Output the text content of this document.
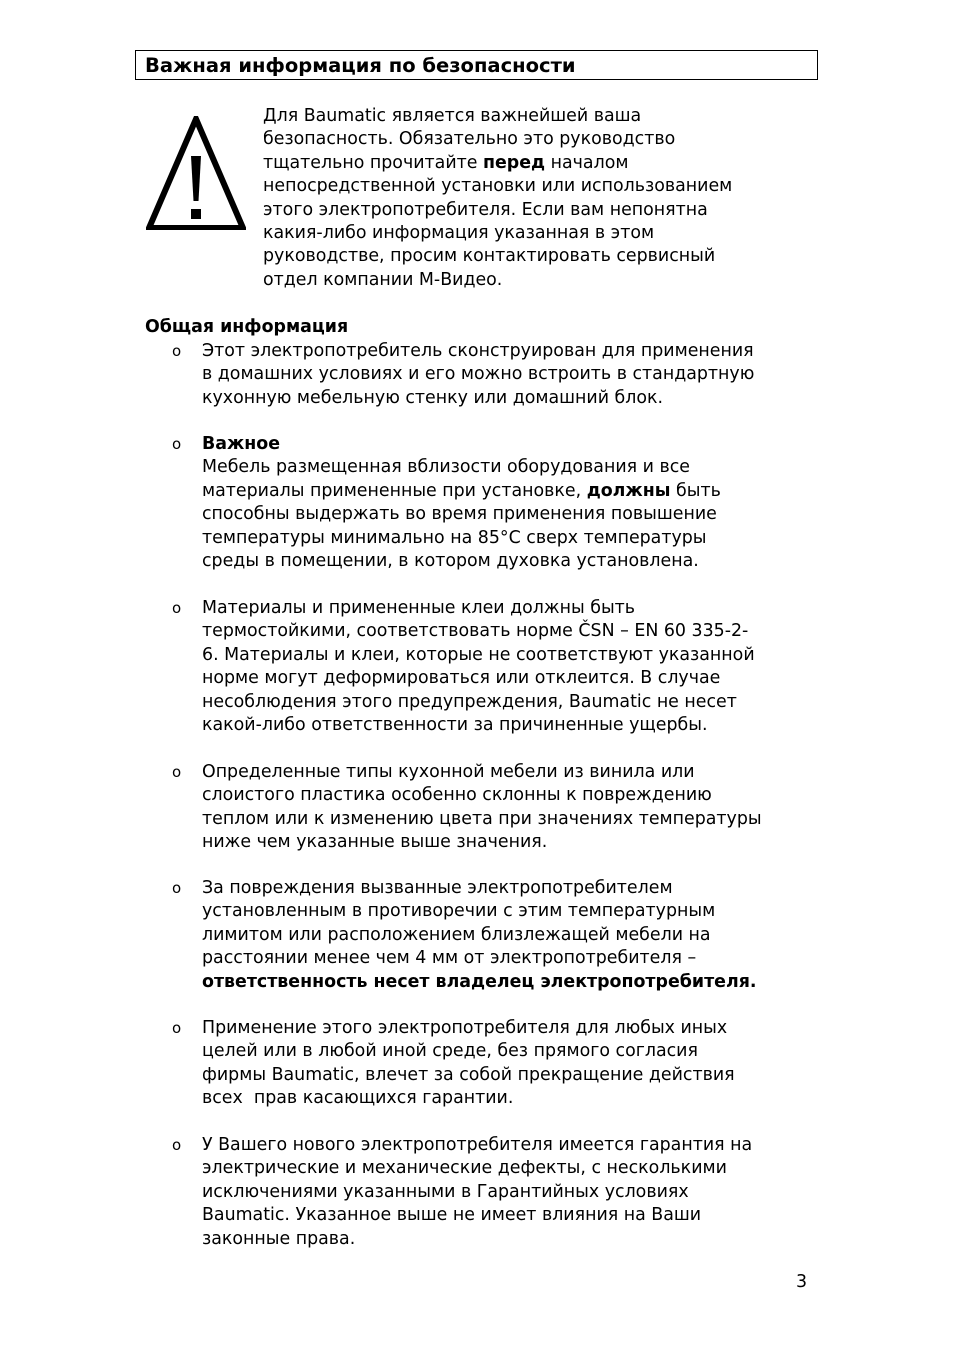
Важная информация по безопасности
Для Baumatic является важнейшей ваша
безопасность. Обязательно это руководство
тщательно прочитайте перед началом
непосредственной установки или использованием
этого электропотребителя. Если вам непонятна
какия-либо информация указанная в этом
руководстве, просим контактировать сервисный
отдел компании М-Видео.
Общая информация
o Этот электропотребитель сконструирован для применения
в домашних условиях и его можно встроить в стандартную
кухонную мебельную стенку или домашний блок.
o Важное
Мебель размещенная вблизости оборудования и все
материалы примененные при установке, должны быть
способны выдержать во время применения повышение
температуры минимально на 85°C сверх температуры
среды в помещении, в котором духовка установлена.
o Материалы и примененные клеи должны быть
термостойкими, соответствовать норме ČSN – EN 60 335-2-
6. Материалы и клеи, которые не соответствуют указанной
норме могут деформироваться или отклеится. В случае
несоблюдения этого предупреждения, Baumatic не несет
какой-либо ответственности за причиненные ущербы.
o Определенные типы кухонной мебели из винила или
слоистого пластика особенно склонны к повреждению
теплом или к изменению цвета при значениях температуры
ниже чем указанные выше значения.
o За повреждения вызванные электропотребителем
установленным в противоречии с этим температурным
лимитом или расположением близлежащей мебели на
расстоянии менее чем 4 мм от электропотребителя –
ответственность несет владелец электропотребителя.
o Применение этого электропотребителя для любых иных
целей или в любой иной среде, без прямого согласия
фирмы Baumatic, влечет за собой прекращение действия
всех  прав касающихся гарантии.
o У Вашего нового электропотребителя имеется гарантия на
электрические и механические дефекты, с несколькими
исключениями указанными в Гарантийных условиях
Baumatic. Указанное выше не имеет влияния на Ваши
законные права.
3
